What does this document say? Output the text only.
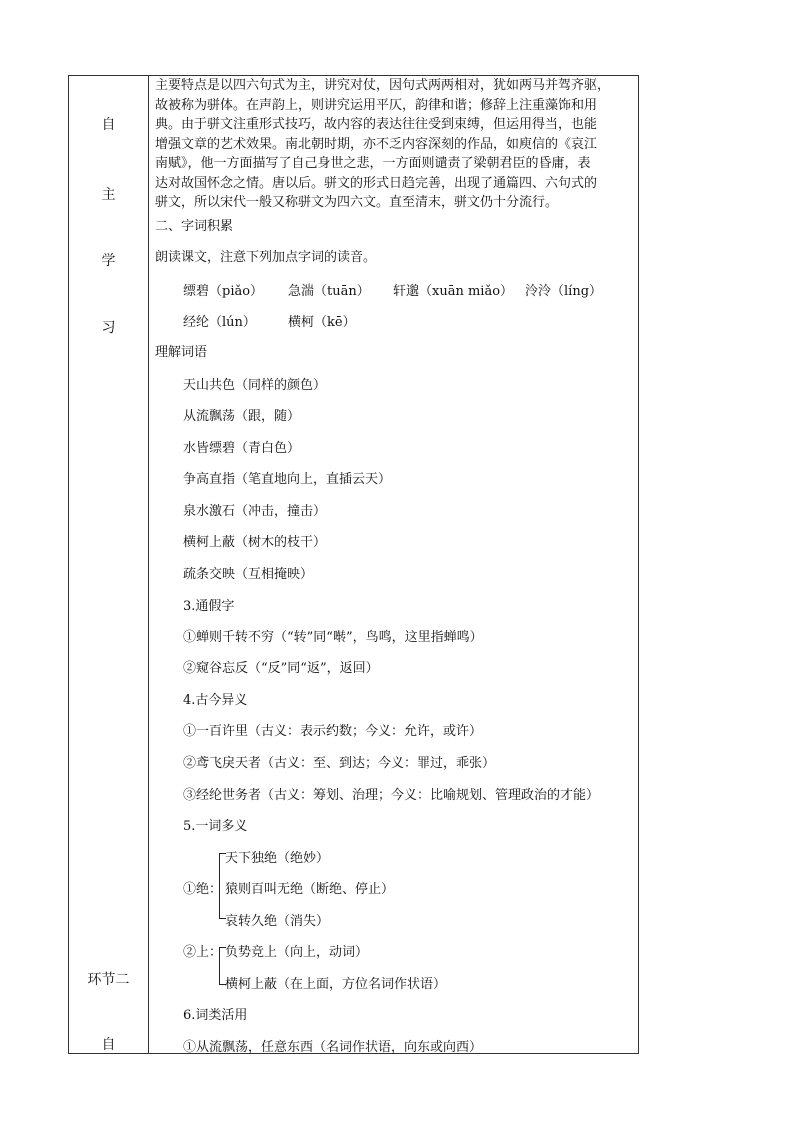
自
主
学
习
环节二
自
主要特点是以四六句式为主，讲究对仗，因句式两两相对，犹如两马并驾齐驱，
故被称为骈体。在声韵上，则讲究运用平仄，韵律和谐；修辞上注重藻饰和用
典。由于骈文注重形式技巧，故内容的表达往往受到束缚，但运用得当，也能
增强文章的艺术效果。南北朝时期，亦不乏内容深刻的作品，如庾信的《哀江
南赋》，他一方面描写了自己身世之悲，一方面则谴责了梁朝君臣的昏庸，表
达对故国怀念之情。唐以后。骈文的形式日趋完善，出现了通篇四、六句式的
骈文，所以宋代一般又称骈文为四六文。直至清末，骈文仍十分流行。
二、字词积累
朗读课文，注意下列加点字词的读音。
缥碧（piǎo） 急湍（tuān） 轩邈（xuān miǎo） 泠泠（líng）
经纶（lún） 横柯（kē）
理解词语
天山共色（同样的颜色）
从流飘荡（跟，随）
水皆缥碧（青白色）
争高直指（笔直地向上，直插云天）
泉水激石（冲击，撞击）
横柯上蔽（树木的枝干）
疏条交映（互相掩映）
3.通假字
①蝉则千转不穷（“转”同“啭”，鸟鸣，这里指蝉鸣）
②窥谷忘反（“反”同“返”，返回）
4.古今异义
①一百许里（古义：表示约数；今义：允许，或许）
②鸢飞戾天者（古义：至、到达；今义：罪过，乖张）
③经纶世务者（古义：筹划、治理；今义：比喻规划、管理政治的才能）
5.一词多义
①绝：
天下独绝（绝妙）
猿则百叫无绝（断绝、停止）
哀转久绝（消失）
②上： 负势竞上（向上，动词）
横柯上蔽（在上面，方位名词作状语）
6.词类活用
①从流飘荡，任意东西（名词作状语，向东或向西）
